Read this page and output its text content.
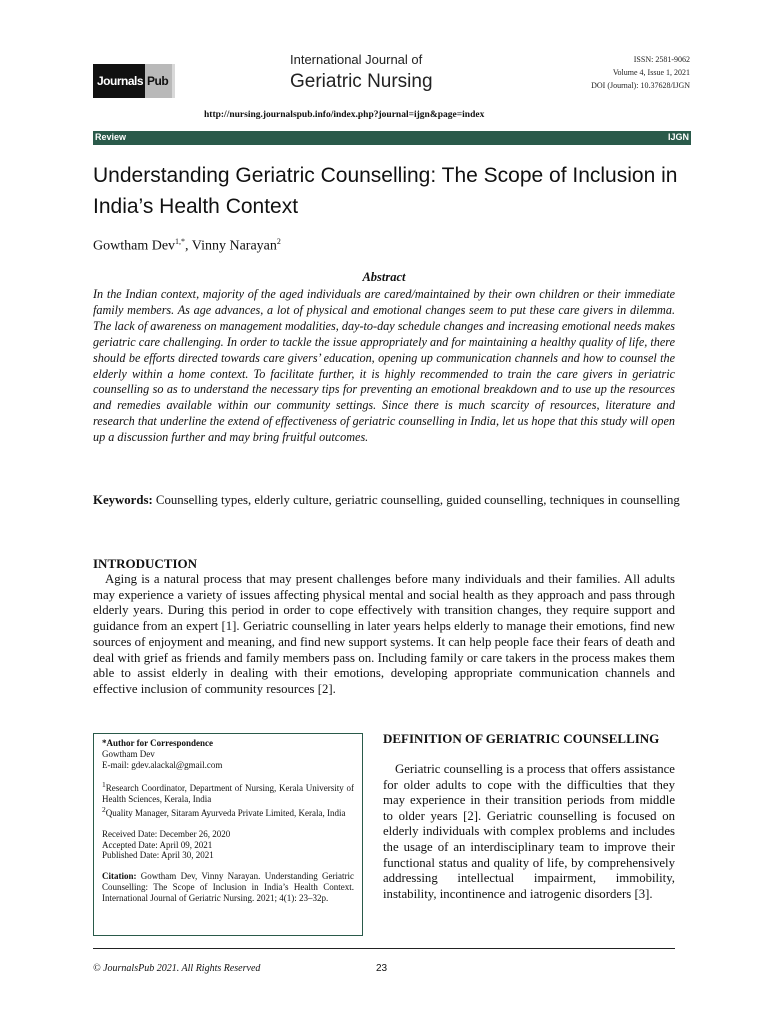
Journals Pub
International Journal of
Geriatric Nursing
ISSN: 2581-9062
Volume 4, Issue 1, 2021
DOI (Journal): 10.37628/IJGN
http://nursing.journalspub.info/index.php?journal=ijgn&page=index
Review	IJGN
Understanding Geriatric Counselling: The Scope of Inclusion in India’s Health Context
Gowtham Dev$^{1,*}$, Vinny Narayan$^2$
Abstract
In the Indian context, majority of the aged individuals are cared/maintained by their own children or their immediate family members. As age advances, a lot of physical and emotional changes seem to put these care givers in dilemma. The lack of awareness on management modalities, day-to-day schedule changes and increasing emotional needs makes geriatric care challenging. In order to tackle the issue appropriately and for maintaining a healthy quality of life, there should be efforts directed towards care givers’ education, opening up communication channels and how to counsel the elderly within a home context. To facilitate further, it is highly recommended to train the care givers in geriatric counselling so as to understand the necessary tips for preventing an emotional breakdown and to use up the resources and remedies available within our community settings. Since there is much scarcity of resources, literature and research that underline the extend of effectiveness of geriatric counselling in India, let us hope that this study will open up a discussion further and may bring fruitful outcomes.
Keywords: Counselling types, elderly culture, geriatric counselling, guided counselling, techniques in counselling
INTRODUCTION
Aging is a natural process that may present challenges before many individuals and their families. All adults may experience a variety of issues affecting physical mental and social health as they approach and pass through elderly years. During this period in order to cope effectively with transition changes, they require support and guidance from an expert [1]. Geriatric counselling in later years helps elderly to manage their emotions, find new sources of enjoyment and meaning, and find new support systems. It can help people face their fears of death and deal with grief as friends and family members pass on. Including family or care takers in the process makes them able to assist elderly in dealing with their emotions, developing appropriate communication channels and effective inclusion of community resources [2].

*Author for Correspondence

Gowtham Dev

E-mail: gdev.alackal@gmail.com

$^1$Research Coordinator, Department of Nursing, Kerala University of Health Sciences, Kerala, India

$^2$Quality Manager, Sitaram Ayurveda Private Limited, Kerala, India

Received Date: December 26, 2020

Accepted Date: April 09, 2021

Published Date: April 30, 2021

Citation: Gowtham Dev, Vinny Narayan. Understanding Geriatric Counselling: The Scope of Inclusion in India’s Health Context. International Journal of Geriatric Nursing. 2021; 4(1): 23–32p.

DEFINITION OF GERIATRIC COUNSELLING
Geriatric counselling is a process that offers assistance for older adults to cope with the difficulties that they may experience in their transition periods from middle to older years [2]. Geriatric counselling is focused on elderly individuals with complex problems and includes the usage of an interdisciplinary team to improve their functional status and quality of life, by comprehensively addressing intellectual impairment, immobility, instability, incontinence and iatrogenic disorders [3].
© JournalsPub 2021. All Rights Reserved	23
